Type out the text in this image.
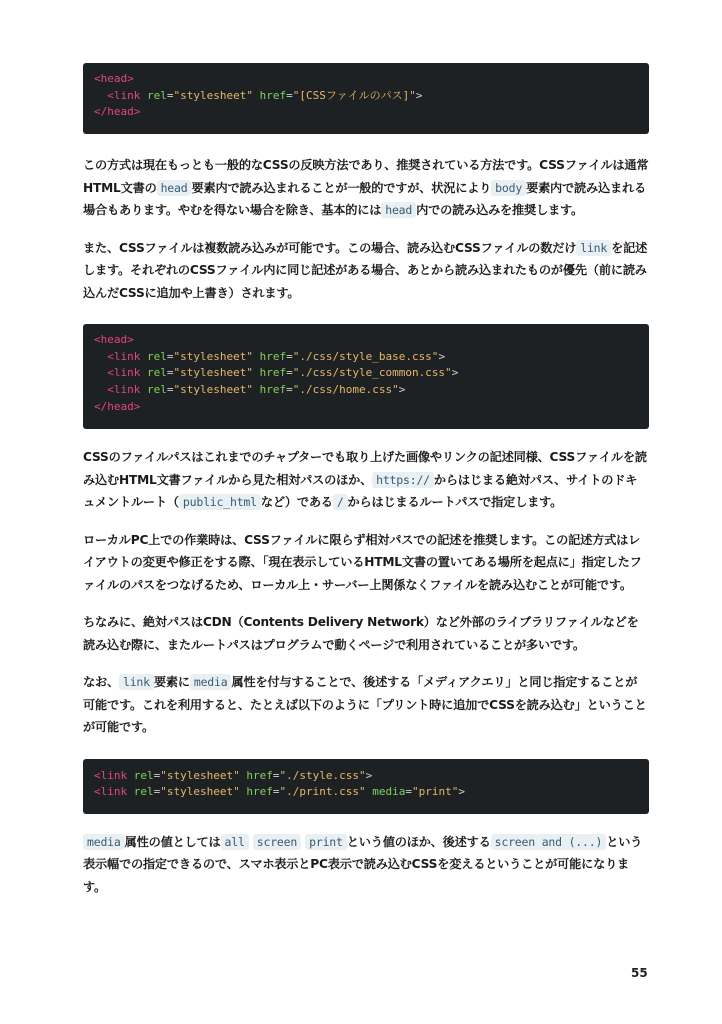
<head>
<link rel="stylesheet" href="[CSSファイルのパス]">
</head>

この方式は現在もっとも一般的なCSSの反映方法であり、推奨されている方法です。CSSファイルは通常HTML文書の head 要素内で読み込まれることが一般的ですが、状況により body 要素内で読み込まれる場合もあります。やむを得ない場合を除き、基本的には head 内での読み込みを推奨します。

また、CSSファイルは複数読み込みが可能です。この場合、読み込むCSSファイルの数だけ link を記述します。それぞれのCSSファイル内に同じ記述がある場合、あとから読み込まれたものが優先（前に読み込んだCSSに追加や上書き）されます。

<head>
<link rel="stylesheet" href="./css/style_base.css">
<link rel="stylesheet" href="./css/style_common.css">
<link rel="stylesheet" href="./css/home.css">
</head>

CSSのファイルパスはこれまでのチャプターでも取り上げた画像やリンクの記述同様、CSSファイルを読み込むHTML文書ファイルから見た相対パスのほか、 https:// からはじまる絶対パス、サイトのドキュメントルート（ public_html など）である / からはじまるルートパスで指定します。

ローカルPC上での作業時は、CSSファイルに限らず相対パスでの記述を推奨します。この記述方式はレイアウトの変更や修正をする際、「現在表示しているHTML文書の置いてある場所を起点に」指定したファイルのパスをつなげるため、ローカル上・サーバー上関係なくファイルを読み込むことが可能です。

ちなみに、絶対パスはCDN（Contents Delivery Network）など外部のライブラリファイルなどを読み込む際に、またルートパスはプログラムで動くページで利用されていることが多いです。

なお、 link 要素に media 属性を付与することで、後述する「メディアクエリ」と同じ指定することが可能です。これを利用すると、たとえば以下のように「プリント時に追加でCSSを読み込む」ということが可能です。

<link rel="stylesheet" href="./style.css">
<link rel="stylesheet" href="./print.css" media="print">

media 属性の値としては all screen print という値のほか、後述する screen and (...) という表示幅での指定できるので、スマホ表示とPC表示で読み込むCSSを変えるということが可能になります。

55
